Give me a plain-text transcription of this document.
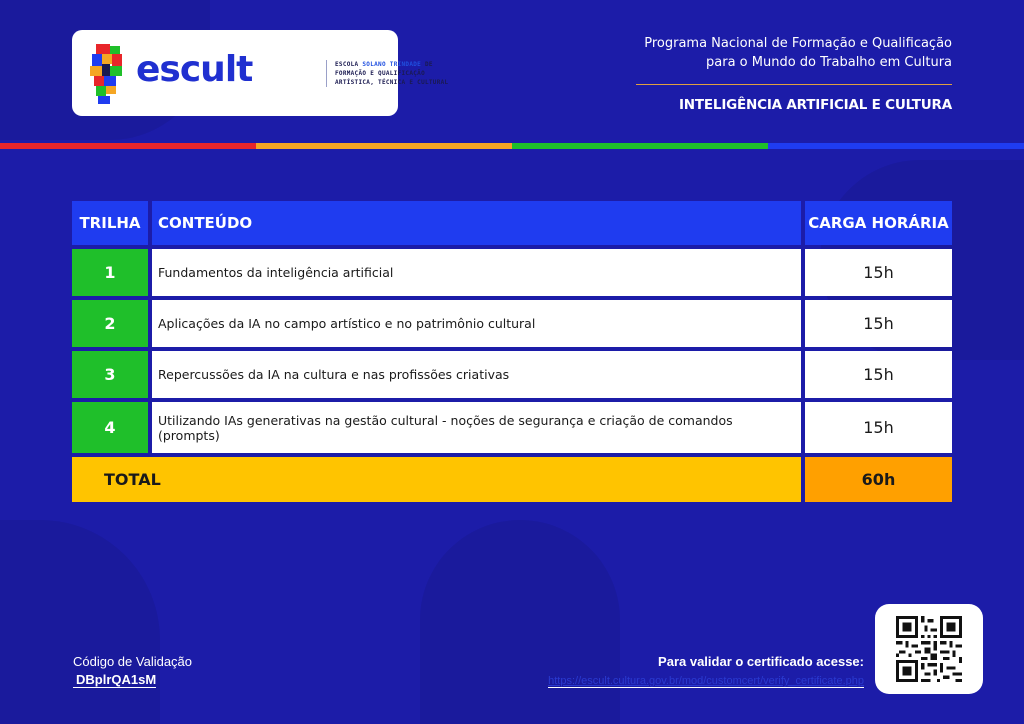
escult	ESCOLA SOLANO TRINDADE DE
FORMAÇÃO E QUALIFICAÇÃO
ARTÍSTICA, TÉCNICA E CULTURAL
Programa Nacional de Formação e Qualificação
para o Mundo do Trabalho em Cultura
INTELIGÊNCIA ARTIFICIAL E CULTURA
TRILHA	CONTEÚDO	CARGA HORÁRIA
1	Fundamentos da inteligência artificial	15h
2	Aplicações da IA no campo artístico e no patrimônio cultural	15h
3	Repercussões da IA na cultura e nas profissões criativas	15h
4	Utilizando IAs generativas na gestão cultural - noções de segurança e criação de comandos (prompts)	15h
TOTAL	60h
Código de Validação
DBplrQA1sM
Para validar o certificado acesse:
https://escult.cultura.gov.br/mod/customcert/verify_certificate.php
